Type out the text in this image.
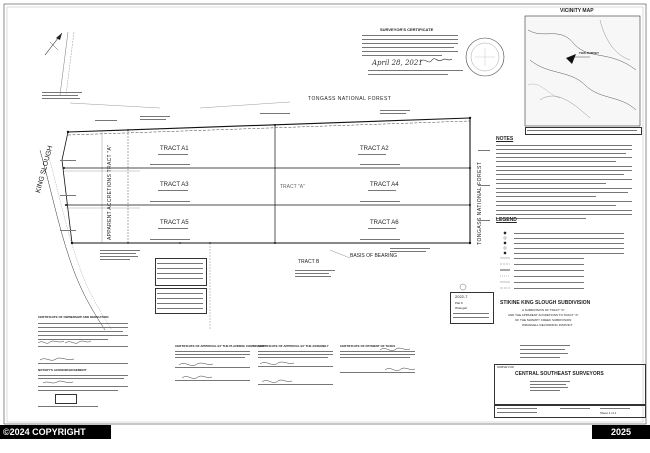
VICINITY MAP
THIS SURVEY
SURVEYOR'S CERTIFICATE
April 28, 2021
TONGASS NATIONAL FOREST
TONGASS NATIONAL FOREST
KING SLOUGH	APPARENT ACCRETIONS TRACT "A"	TRACT A1	TRACT A2
TRACT A3	TRACT A4
TRACT A5	TRACT A6
TRACT "A"
TRACT B
BASIS OF BEARING
NOTES
LEGEND
2022-7
Plat #
Wrangell
STIKINE KING SLOUGH SUBDIVISION
A SUBDIVISION OF TRACT "A"
AND THE APPARENT ACCRETIONS TO TRACT "A"
OF THE SWAMPY CREEK SUBDIVISION
WRANGELL RECORDING DISTRICT
SURVEYOR
CENTRAL SOUTHEAST SURVEYORS
Sheet 1 of 1
CERTIFICATE OF OWNERSHIP AND DEDICATION
NOTARY'S ACKNOWLEDGEMENT
CERTIFICATE OF APPROVAL BY THE PLANNING COMMISSION
CERTIFICATE OF APPROVAL BY THE ASSEMBLY	CERTIFICATE OF PAYMENT OF TAXES
©2024 COPYRIGHT	2025 SEAMLS
